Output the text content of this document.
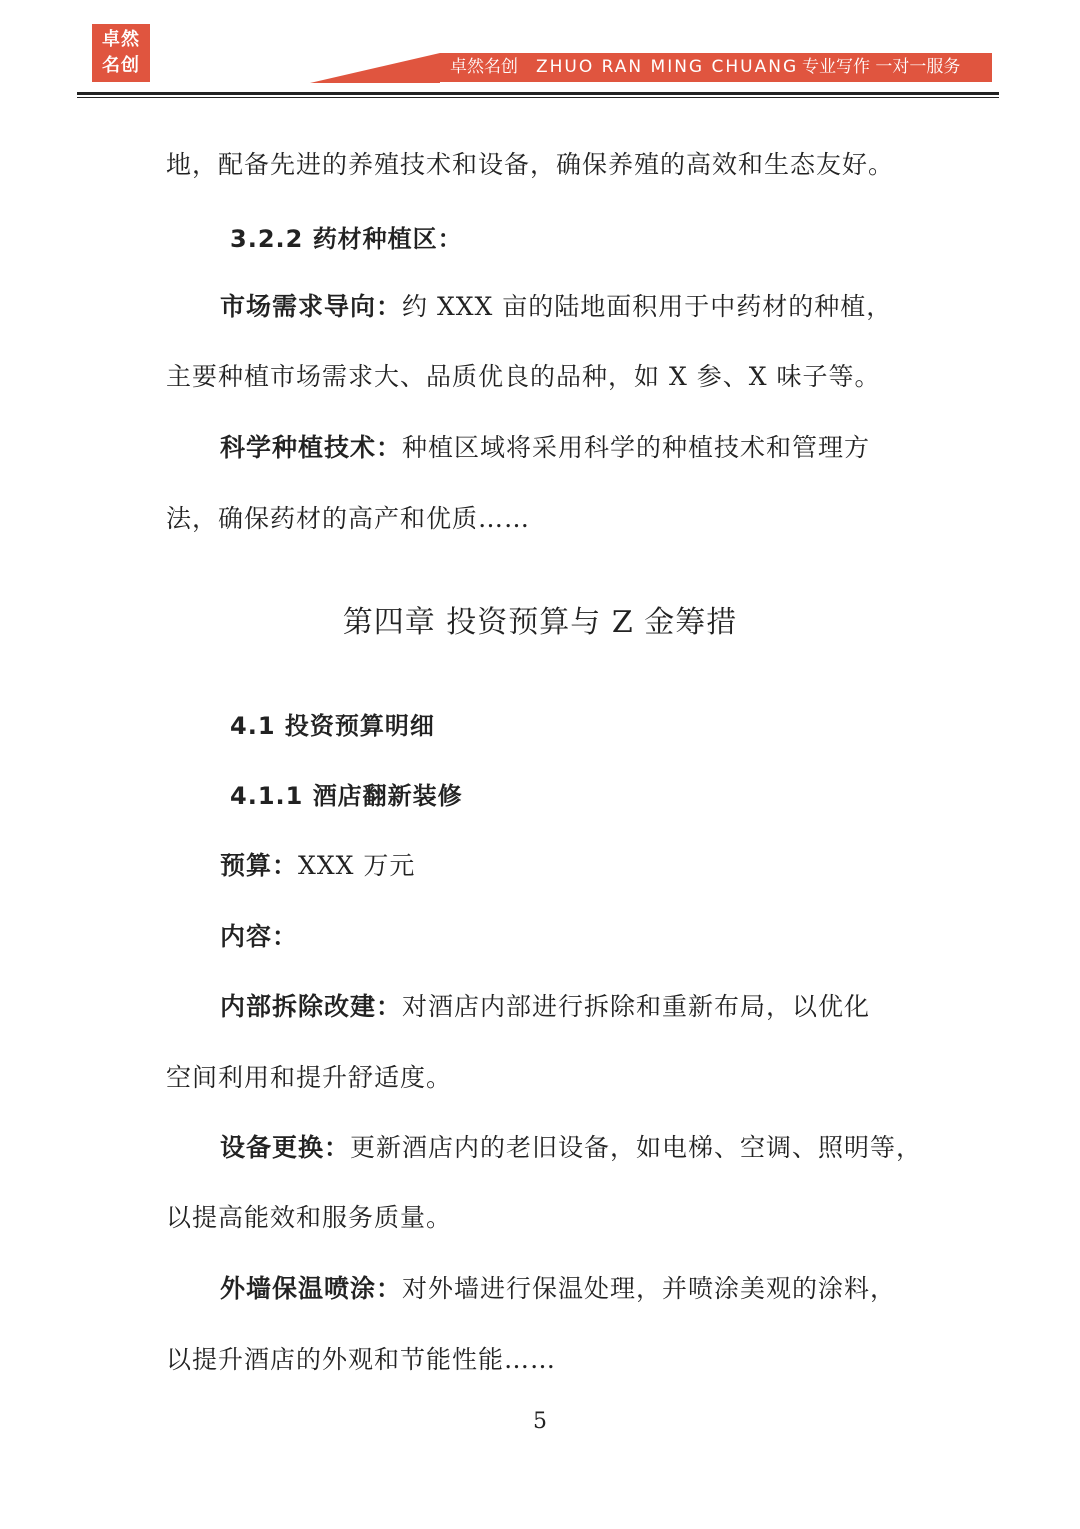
卓然
名创	卓然名创 ZHUO RAN MING CHUANG 专业写作 一对一服务
地，配备先进的养殖技术和设备，确保养殖的高效和生态友好。
3.2.2 药材种植区：
市场需求导向：约 XXX 亩的陆地面积用于中药材的种植，
主要种植市场需求大、品质优良的品种，如 X 参、X 味子等。
科学种植技术：种植区域将采用科学的种植技术和管理方
法，确保药材的高产和优质……
第四章 投资预算与 Z 金筹措
4.1 投资预算明细
4.1.1 酒店翻新装修
预算：XXX 万元
内容：
内部拆除改建：对酒店内部进行拆除和重新布局，以优化
空间利用和提升舒适度。
设备更换：更新酒店内的老旧设备，如电梯、空调、照明等，
以提高能效和服务质量。
外墙保温喷涂：对外墙进行保温处理，并喷涂美观的涂料，
以提升酒店的外观和节能性能……
5
